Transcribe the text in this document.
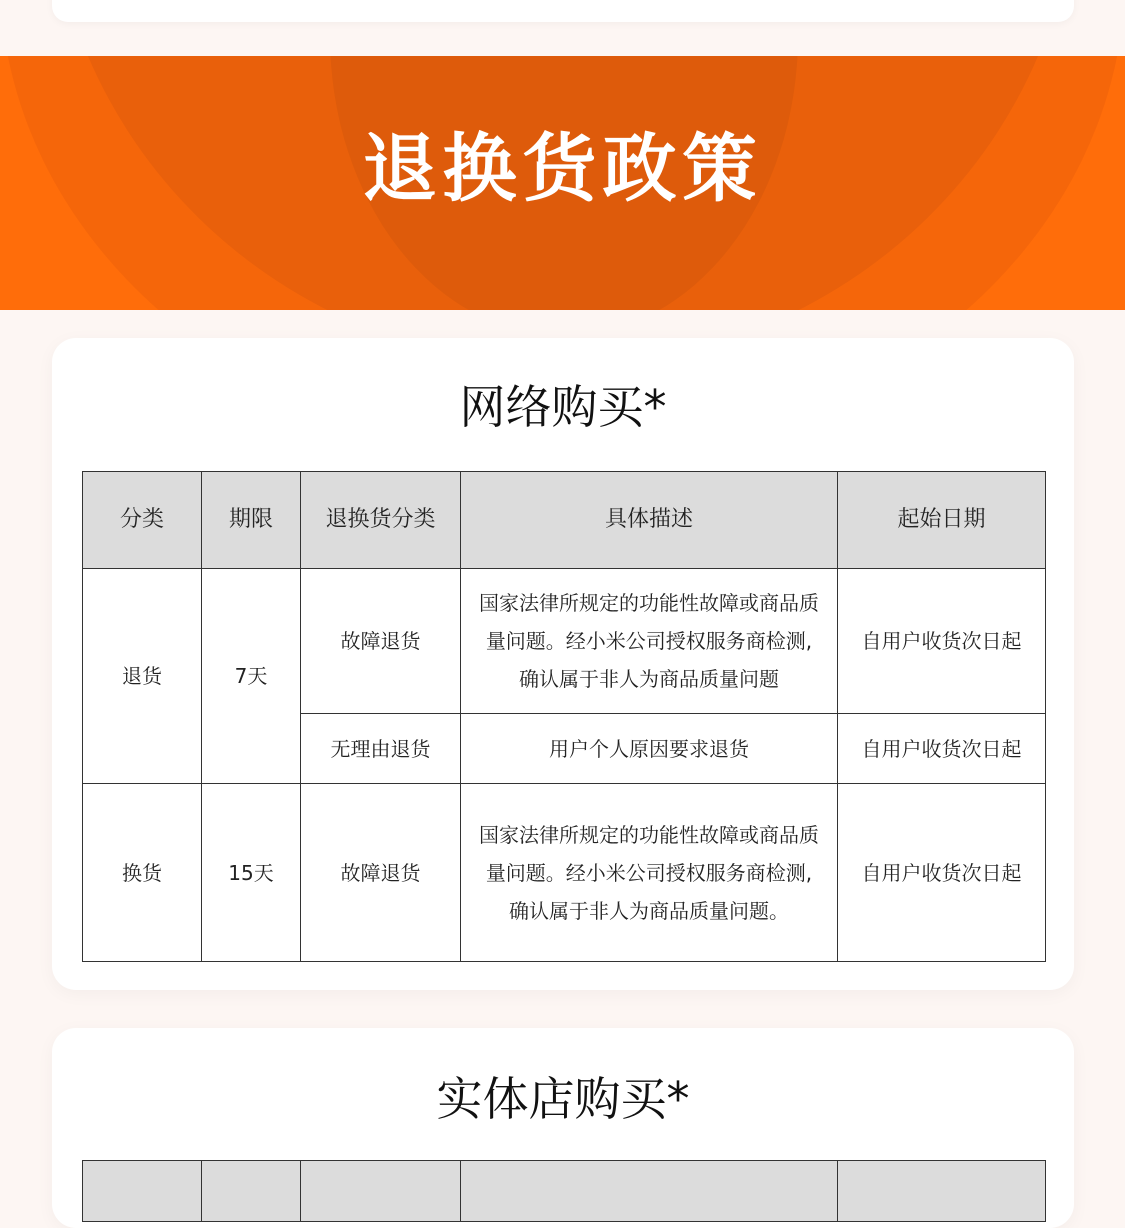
退换货政策
网络购买*
分类	期限	退换货分类	具体描述	起始日期
退货	7天	故障退货	国家法律所规定的功能性故障或商品质量问题。经小米公司授权服务商检测, 确认属于非人为商品质量问题	自用户收货次日起
		无理由退货	用户个人原因要求退货	自用户收货次日起
换货	15天	故障退货	国家法律所规定的功能性故障或商品质量问题。经小米公司授权服务商检测, 确认属于非人为商品质量问题。	自用户收货次日起
实体店购买*
